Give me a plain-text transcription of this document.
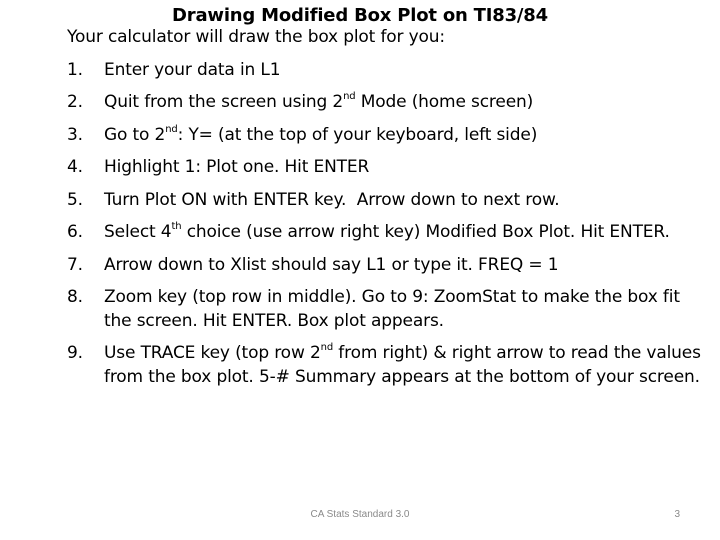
Drawing Modified Box Plot on TI83/84
Your calculator will draw the box plot for you:
1. Enter your data in L1
2. Quit from the screen using 2nd Mode (home screen)
3. Go to 2nd: Y= (at the top of your keyboard, left side)
4. Highlight 1: Plot one. Hit ENTER
5. Turn Plot ON with ENTER key.  Arrow down to next row.
6. Select 4th choice (use arrow right key) Modified Box Plot. Hit ENTER.
7. Arrow down to Xlist should say L1 or type it. FREQ = 1
8. Zoom key (top row in middle). Go to 9: ZoomStat to make the box fit the screen. Hit ENTER. Box plot appears.
9. Use TRACE key (top row 2nd from right) & right arrow to read the values from the box plot. 5-# Summary appears at the bottom of your screen.
CA Stats Standard 3.0	3
